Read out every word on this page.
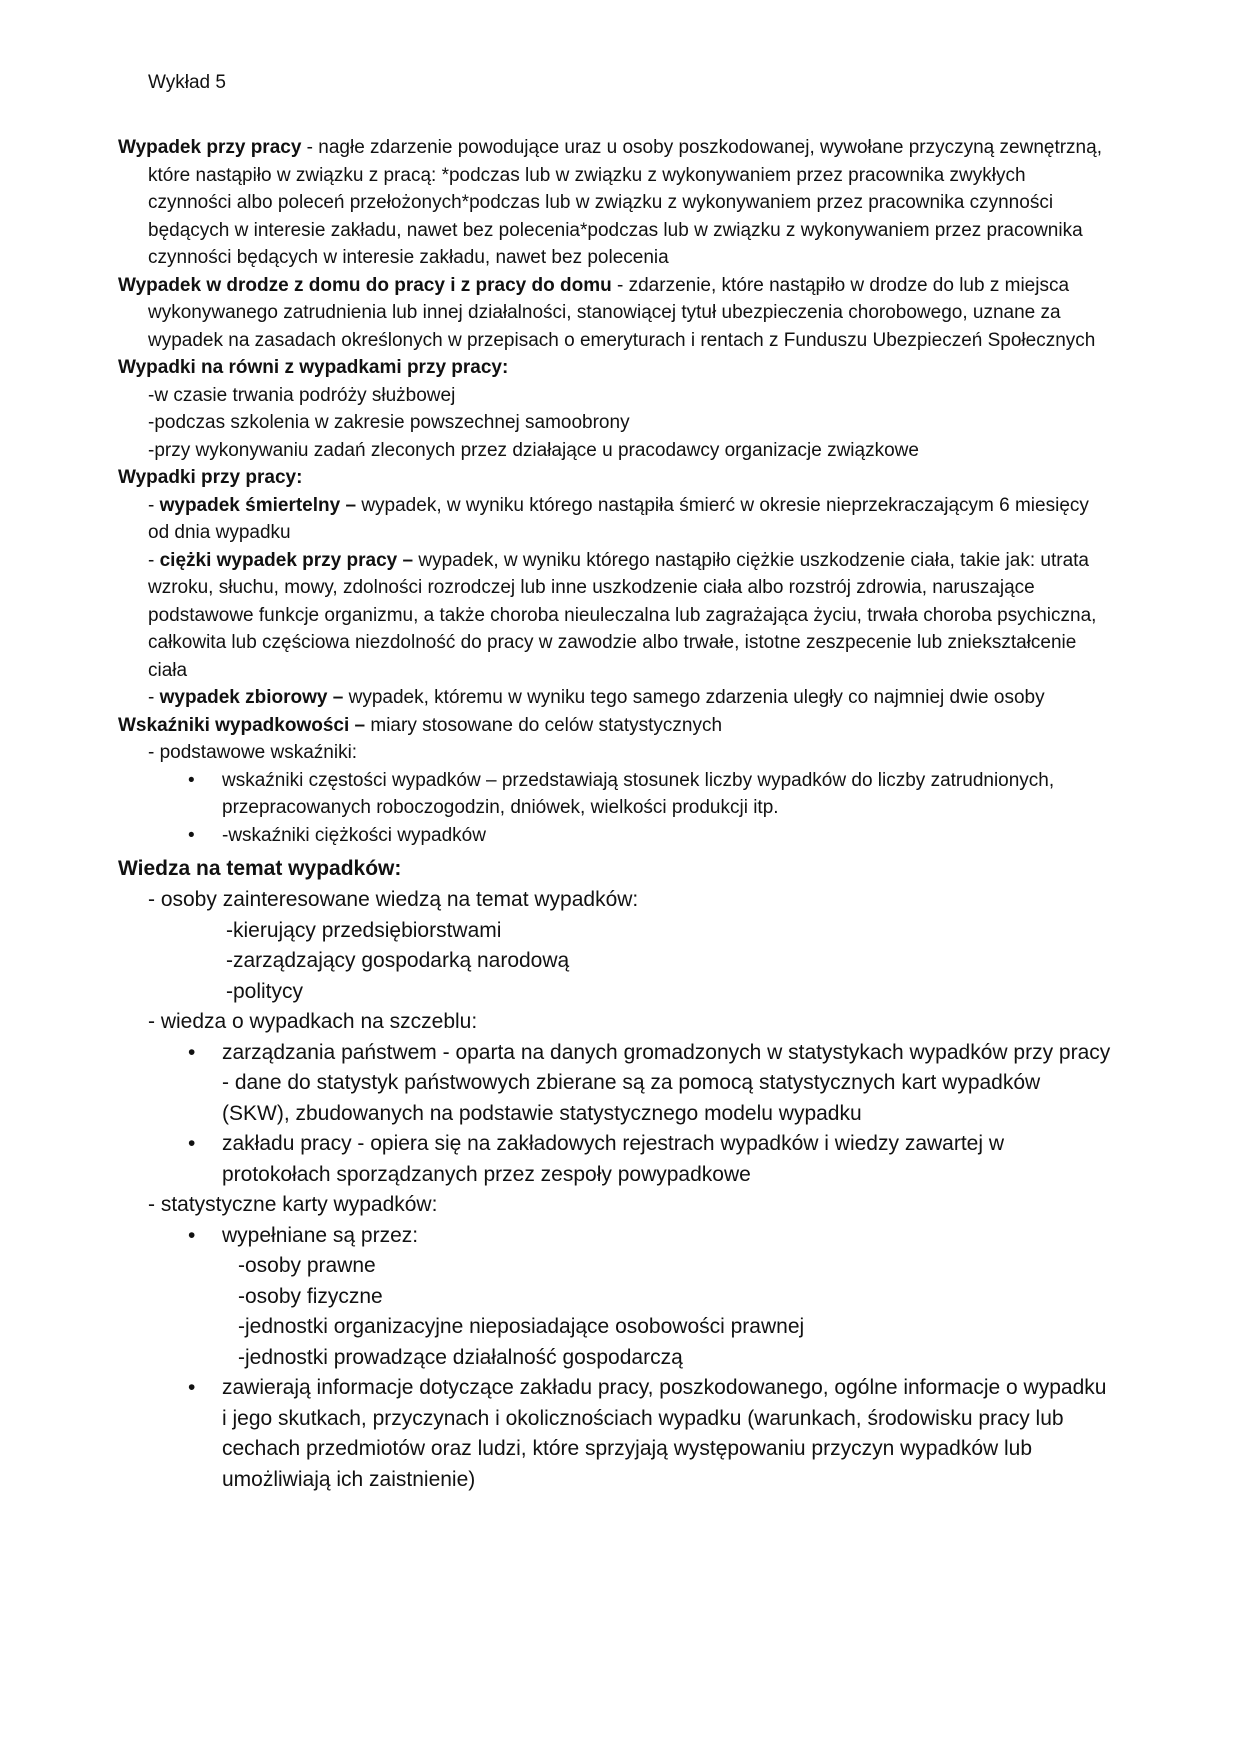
Wykład 5
Wypadek przy pracy - nagłe zdarzenie powodujące uraz u osoby poszkodowanej, wywołane przyczyną zewnętrzną, które nastąpiło w związku z pracą: *podczas lub w związku z wykonywaniem przez pracownika zwykłych czynności albo poleceń przełożonych*podczas lub w związku z wykonywaniem przez pracownika czynności będących w interesie zakładu, nawet bez polecenia*podczas lub w związku z wykonywaniem przez pracownika czynności będących w interesie zakładu, nawet bez polecenia
Wypadek w drodze z domu do pracy i z pracy do domu - zdarzenie, które nastąpiło w drodze do lub z miejsca wykonywanego zatrudnienia lub innej działalności, stanowiącej tytuł ubezpieczenia chorobowego, uznane za wypadek na zasadach określonych w przepisach o emeryturach i rentach z Funduszu Ubezpieczeń Społecznych
Wypadki na równi z wypadkami przy pracy:
-w czasie trwania podróży służbowej
-podczas szkolenia w zakresie powszechnej samoobrony
-przy wykonywaniu zadań zleconych przez działające u pracodawcy organizacje związkowe
Wypadki przy pracy:
- wypadek śmiertelny – wypadek, w wyniku którego nastąpiła śmierć w okresie nieprzekraczającym 6 miesięcy od dnia wypadku
- ciężki wypadek przy pracy – wypadek, w wyniku którego nastąpiło ciężkie uszkodzenie ciała, takie jak: utrata wzroku, słuchu, mowy, zdolności rozrodczej lub inne uszkodzenie ciała albo rozstrój zdrowia, naruszające podstawowe funkcje organizmu, a także choroba nieuleczalna lub zagrażająca życiu, trwała choroba psychiczna, całkowita lub częściowa niezdolność do pracy w zawodzie albo trwałe, istotne zeszpecenie lub zniekształcenie ciała
- wypadek zbiorowy – wypadek, któremu w wyniku tego samego zdarzenia uległy co najmniej dwie osoby
Wskaźniki wypadkowości – miary stosowane do celów statystycznych
- podstawowe wskaźniki:
• wskaźniki częstości wypadków – przedstawiają stosunek liczby wypadków do liczby zatrudnionych, przepracowanych roboczogodzin, dniówek, wielkości produkcji itp.
• -wskaźniki ciężkości wypadków
Wiedza na temat wypadków:
- osoby zainteresowane wiedzą na temat wypadków:
-kierujący przedsiębiorstwami
-zarządzający gospodarką narodową
-politycy
- wiedza o wypadkach na szczeblu:
• zarządzania państwem - oparta na danych gromadzonych w statystykach wypadków przy pracy - dane do statystyk państwowych zbierane są za pomocą statystycznych kart wypadków (SKW), zbudowanych na podstawie statystycznego modelu wypadku
• zakładu pracy - opiera się na zakładowych rejestrach wypadków i wiedzy zawartej w protokołach sporządzanych przez zespoły powypadkowe
- statystyczne karty wypadków:
• wypełniane są przez:
-osoby prawne
-osoby fizyczne
-jednostki organizacyjne nieposiadające osobowości prawnej
-jednostki prowadzące działalność gospodarczą
• zawierają informacje dotyczące zakładu pracy, poszkodowanego, ogólne informacje o wypadku i jego skutkach, przyczynach i okolicznościach wypadku (warunkach, środowisku pracy lub cechach przedmiotów oraz ludzi, które sprzyjają występowaniu przyczyn wypadków lub umożliwiają ich zaistnienie)
